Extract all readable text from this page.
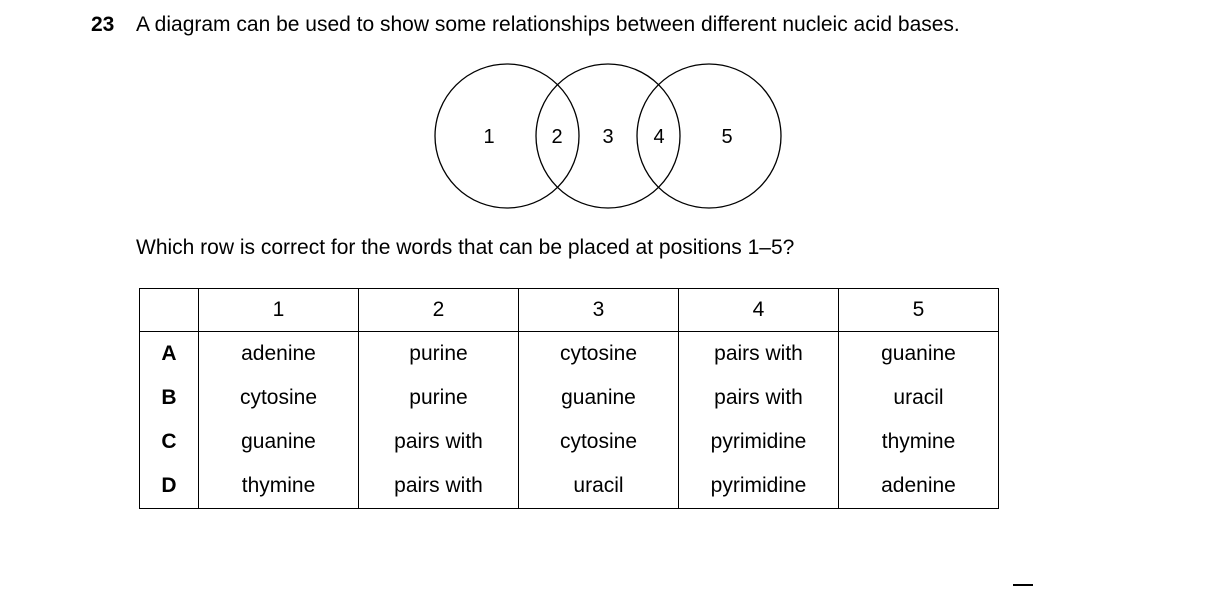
23 A diagram can be used to show some relationships between different nucleic acid bases.
1	2 3 4	5
Which row is correct for the words that can be placed at positions 1–5?
	1	2	3	4	5
A	adenine	purine	cytosine	pairs with	guanine
B	cytosine	purine	guanine	pairs with	uracil
C	guanine	pairs with	cytosine	pyrimidine	thymine
D	thymine	pairs with	uracil	pyrimidine	adenine
